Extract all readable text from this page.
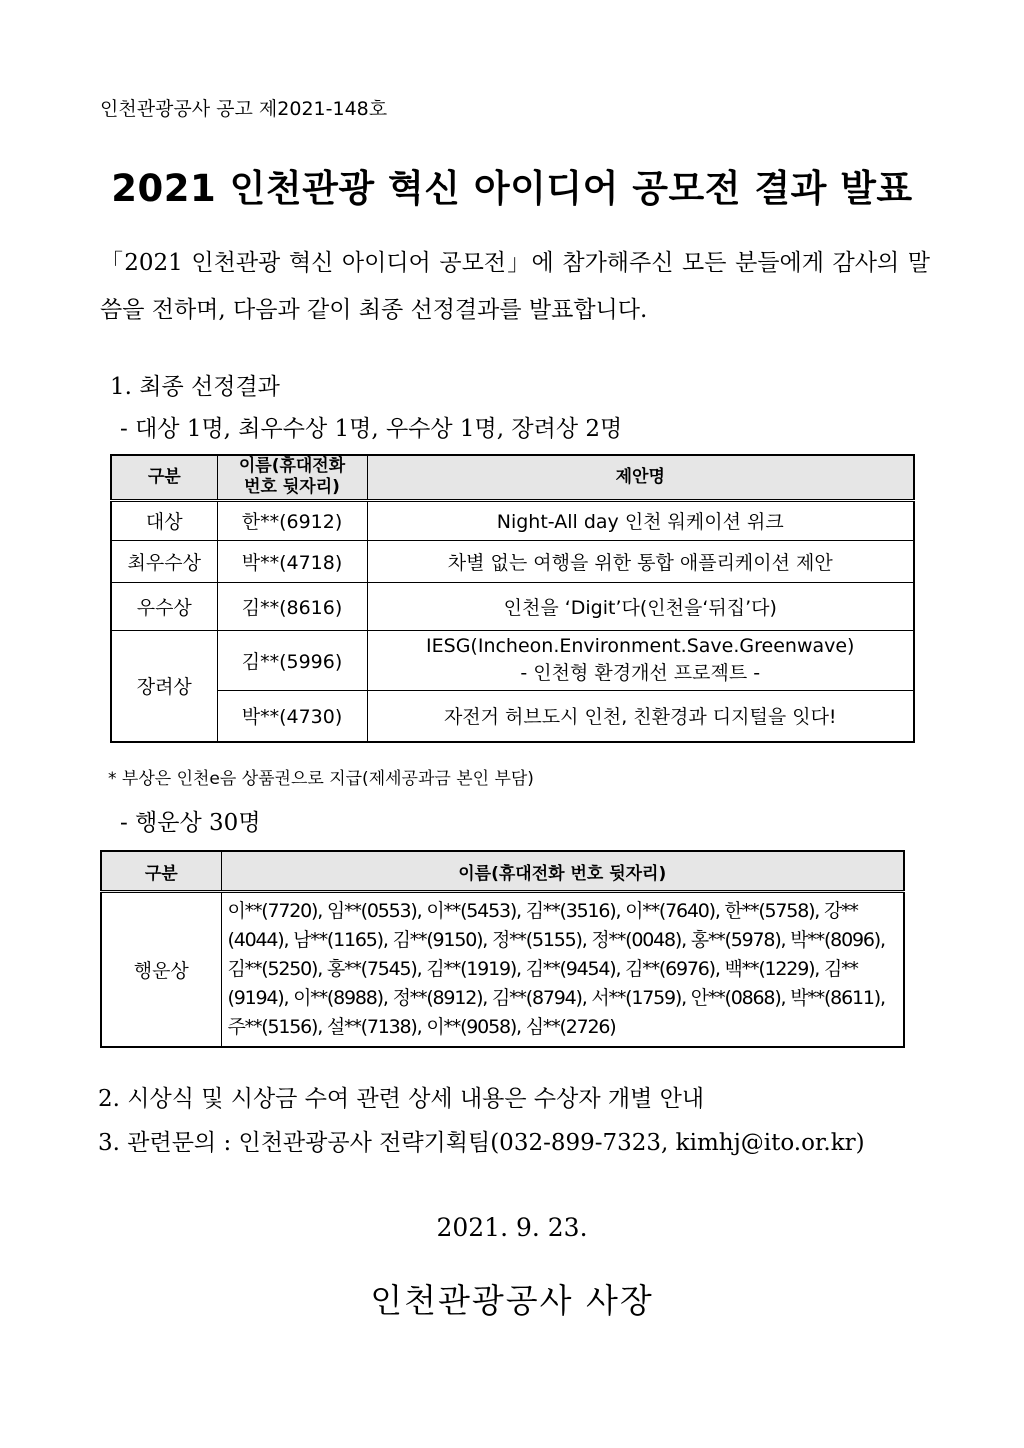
인천관광공사 공고 제2021-148호
2021 인천관광 혁신 아이디어 공모전 결과 발표
「2021 인천관광 혁신 아이디어 공모전」에 참가해주신 모든 분들에게 감사의 말씀을 전하며, 다음과 같이 최종 선정결과를 발표합니다.
1. 최종 선정결과
- 대상 1명, 최우수상 1명, 우수상 1명, 장려상 2명
구분	이름(휴대전화 번호 뒷자리)	제안명
대상	한**(6912)	Night-All day 인천 워케이션 위크
최우수상	박**(4718)	차별 없는 여행을 위한 통합 애플리케이션 제안
우수상	김**(8616)	인천을 ‘Digit’다(인천을‘뒤집’다)
장려상	김**(5996)	IESG(Incheon.Environment.Save.Greenwave)
- 인천형 환경개선 프로젝트 -

	박**(4730)	자전거 허브도시 인천, 친환경과 디지털을 잇다!
* 부상은 인천e음 상품권으로 지급(제세공과금 본인 부담)
- 행운상 30명
구분	이름(휴대전화 번호 뒷자리)
행운상	이**(7720), 임**(0553), 이**(5453), 김**(3516), 이**(7640), 한**(5758), 강**(4044), 남**(1165), 김**(9150), 정**(5155), 정**(0048), 홍**(5978), 박**(8096), 김**(5250), 홍**(7545), 김**(1919), 김**(9454), 김**(6976), 백**(1229), 김**(9194), 이**(8988), 정**(8912), 김**(8794), 서**(1759), 안**(0868), 박**(8611), 주**(5156), 설**(7138), 이**(9058), 심**(2726)
2. 시상식 및 시상금 수여 관련 상세 내용은 수상자 개별 안내
3. 관련문의 : 인천관광공사 전략기획팀(032-899-7323, kimhj@ito.or.kr)
2021. 9. 23.
인천관광공사 사장
